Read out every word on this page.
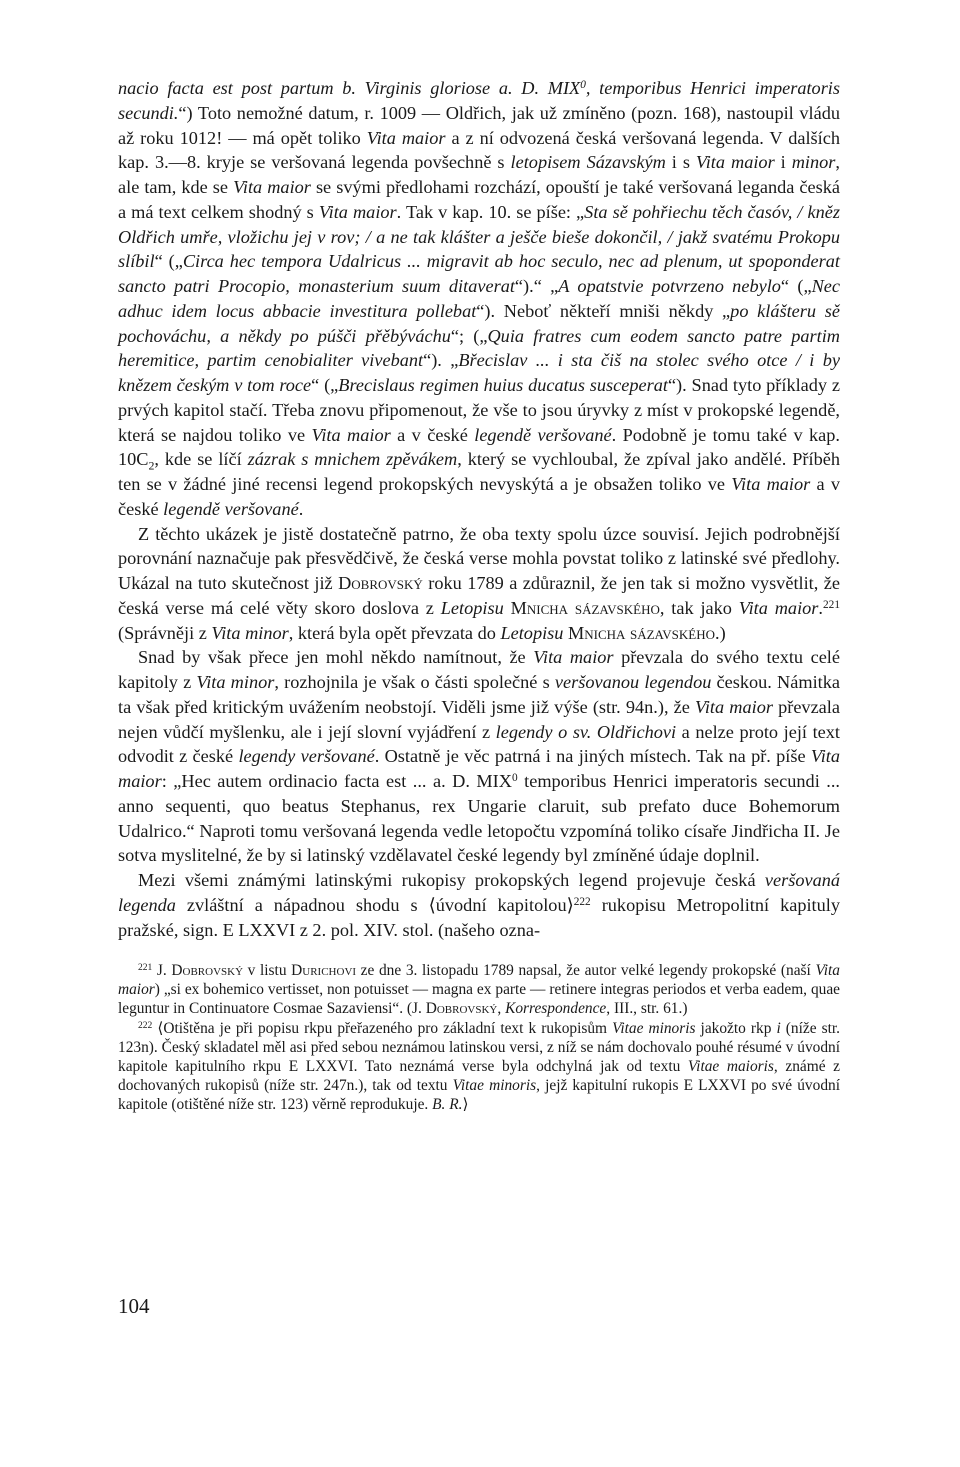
nacio facta est post partum b. Virginis gloriose a. D. MIX$^0$, temporibus Henrici imperatoris secundi.“) Toto nemožné datum, r. 1009 — Oldřich, jak už zmíněno (pozn. 168), nastoupil vládu až roku 1012! — má opět toliko Vita maior a z ní odvozená česká veršovaná legenda. V dalších kap. 3.—8. kryje se veršovaná legenda povšechně s letopisem Sázavským i s Vita maior i minor, ale tam, kde se Vita maior se svými předlohami rozchází, opouští je také veršovaná leganda česká a má text celkem shodný s Vita maior. Tak v kap. 10. se píše: „Sta sě pohřiechu těch časóv, / kněz Oldřich umře, vložichu jej v rov; / a ne tak klášter a ješče bieše dokončil, / jakž svatému Prokopu slíbil“ („Circa hec tempora Udalricus ... migravit ab hoc seculo, nec ad plenum, ut spoponderat sancto patri Procopio, monasterium suum ditaverat“).“ „A opatstvie potvrzeno nebylo“ („Nec adhuc idem locus abbacie investitura pollebat“). Neboť někteří mniši někdy „po klášteru sě pochováchu, a někdy po púšči přěbýváchu“; („Quia fratres cum eodem sancto patre partim heremitice, partim cenobialiter vivebant“). „Břecislav ... i sta čiš na stolec svého otce / i by knězem českým v tom roce“ („Brecislaus regimen huius ducatus susceperat“). Snad tyto příklady z prvých kapitol stačí. Třeba znovu připomenout, že vše to jsou úryvky z míst v prokopské legendě, která se najdou toliko ve Vita maior a v české legendě veršované. Podobně je tomu také v kap. $10C_2$, kde se líčí zázrak s mnichem zpěvákem, který se vychloubal, že zpíval jako andělé. Příběh ten se v žádné jiné recensi legend prokopských nevyskýtá a je obsažen toliko ve Vita maior a v české legendě veršované.

Z těchto ukázek je jistě dostatečně patrno, že oba texty spolu úzce souvisí. Jejich podrobnější porovnání naznačuje pak přesvědčivě, že česká verse mohla povstat toliko z latinské své předlohy. Ukázal na tuto skutečnost již Dobrovský roku 1789 a zdůraznil, že jen tak si možno vysvětlit, že česká verse má celé věty skoro doslova z Letopisu Mnicha sázavského, tak jako Vita maior.$^{221}$ (Správněji z Vita minor, která byla opět převzata do Letopisu Mnicha sázavského.)

Snad by však přece jen mohl někdo namítnout, že Vita maior převzala do svého textu celé kapitoly z Vita minor, rozhojnila je však o části společné s veršovanou legendou českou. Námitka ta však před kritickým uvážením neobstojí. Viděli jsme již výše (str. 94n.), že Vita maior převzala nejen vůdčí myšlenku, ale i její slovní vyjádření z legendy o sv. Oldřichovi a nelze proto její text odvodit z české legendy veršované. Ostatně je věc patrná i na jiných místech. Tak na př. píše Vita maior: „Hec autem ordinacio facta est ... a. D. MIX$^0$ temporibus Henrici imperatoris secundi ... anno sequenti, quo beatus Stephanus, rex Ungarie claruit, sub prefato duce Bohemorum Udalrico.“ Naproti tomu veršovaná legenda vedle letopočtu vzpomíná toliko císaře Jindřicha II. Je sotva myslitelné, že by si latinský vzdělavatel české legendy byl zmíněné údaje doplnil.

Mezi všemi známými latinskými rukopisy prokopských legend projevuje česká veršovaná legenda zvláštní a nápadnou shodu s ⟨úvodní kapitolou⟩$^{222}$ rukopisu Metropolitní kapituly pražské, sign. E LXXVI z 2. pol. XIV. stol. (našeho ozna-

$^{221}$ J. Dobrovský v listu Durichovi ze dne 3. listopadu 1789 napsal, že autor velké legendy prokopské (naší Vita maior) „si ex bohemico vertisset, non potuisset — magna ex parte — retinere integras periodos et verba eadem, quae leguntur in Continuatore Cosmae Sazaviensi“. (J. Dobrovský, Korrespondence, III., str. 61.)

$^{222}$ ⟨Otištěna je při popisu rkpu přeřazeného pro základní text k rukopisům Vitae minoris jakožto rkp i (níže str. 123n). Český skladatel měl asi před sebou neznámou latinskou versi, z níž se nám dochovalo pouhé résumé v úvodní kapitole kapitulního rkpu E LXXVI. Tato neznámá verse byla odchylná jak od textu Vitae maioris, známé z dochovaných rukopisů (níže str. 247n.), tak od textu Vitae minoris, jejž kapitulní rukopis E LXXVI po své úvodní kapitole (otištěné níže str. 123) věrně reprodukuje. B. R.⟩

104
